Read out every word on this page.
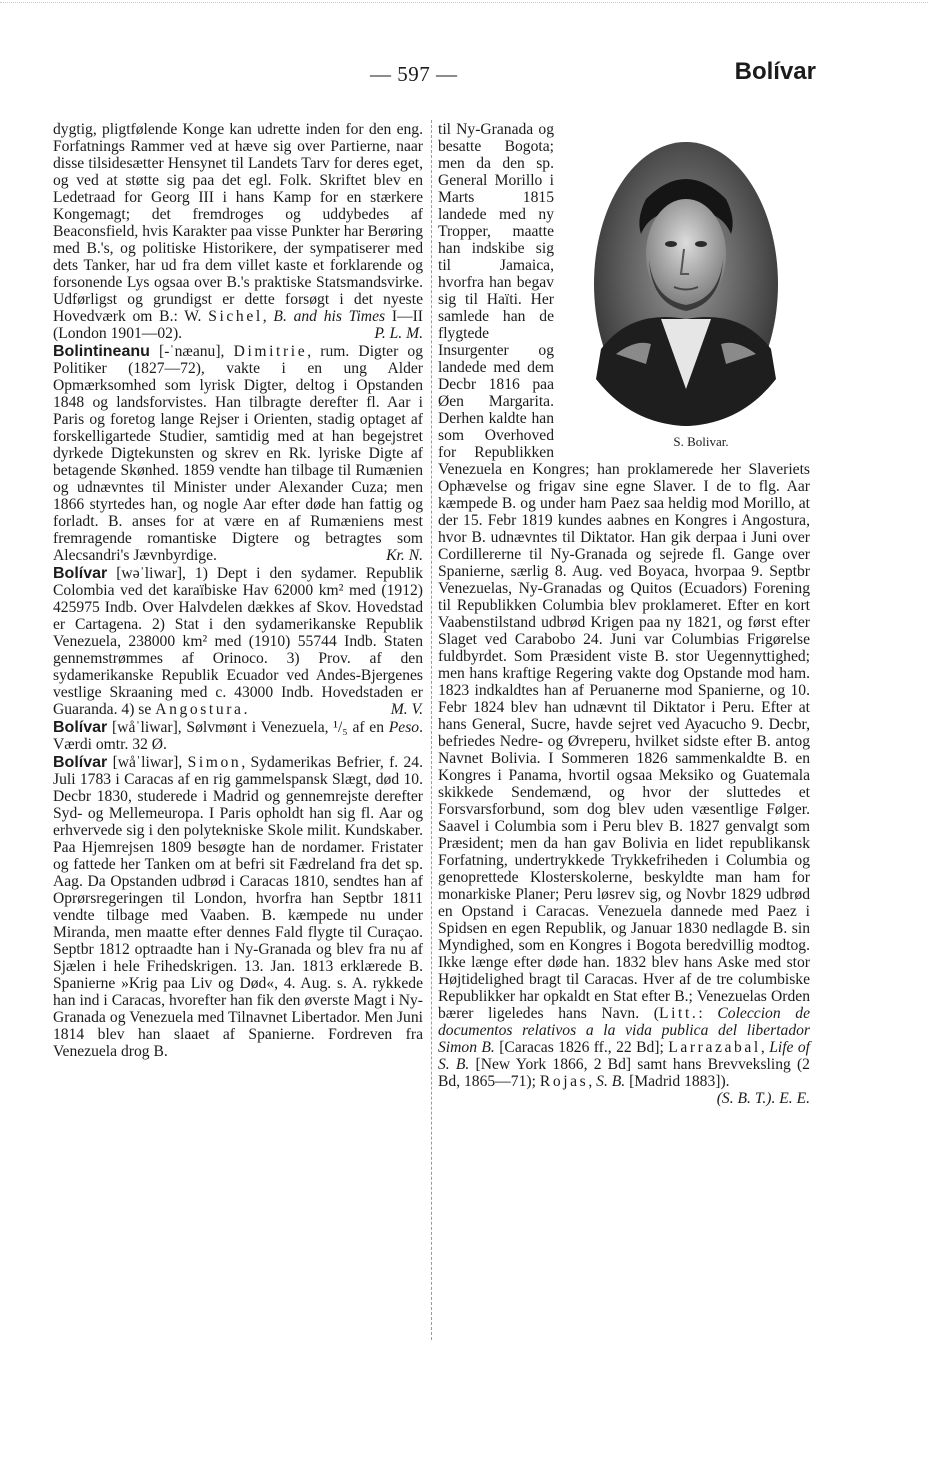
— 597 —	Bolívar

dygtig, pligtfølende Konge kan udrette inden for den eng. Forfatnings Rammer ved at hæve sig over Partierne, naar disse tilsidesætter Hensynet til Landets Tarv for deres eget, og ved at støtte sig paa det egl. Folk. Skriftet blev en Ledetraad for Georg III i hans Kamp for en stærkere Kongemagt; det fremdroges og uddybedes af Beaconsfield, hvis Karakter paa visse Punkter har Berøring med B.'s, og politiske Historikere, der sympatiserer med dets Tanker, har ud fra dem villet kaste et forklarende og forsonende Lys ogsaa over B.'s praktiske Statsmandsvirke. Udførligst og grundigst er dette forsøgt i det nyeste Hovedværk om B.: W. Sichel, B. and his Times I—II (London 1901—02).	P. L. M.

Bolintineanu [-ˈnæanu], Dimitrie, rum. Digter og Politiker (1827—72), vakte i en ung Alder Opmærksomhed som lyrisk Digter, deltog i Opstanden 1848 og landsforvistes. Han tilbragte derefter fl. Aar i Paris og foretog lange Rejser i Orienten, stadig optaget af forskelligartede Studier, samtidig med at han begejstret dyrkede Digtekunsten og skrev en Rk. lyriske Digte af betagende Skønhed. 1859 vendte han tilbage til Rumænien og udnævntes til Minister under Alexander Cuza; men 1866 styrtedes han, og nogle Aar efter døde han fattig og forladt. B. anses for at være en af Rumæniens mest fremragende romantiske Digtere og betragtes som Alecsandri's Jævnbyrdige.	Kr. N.

Bolívar [wəˈliwar], 1) Dept i den sydamer. Republik Colombia ved det karaïbiske Hav 62000 km² med (1912) 425975 Indb. Over Halvdelen dækkes af Skov. Hovedstad er Cartagena. 2) Stat i den sydamerikanske Republik Venezuela, 238000 km² med (1910) 55744 Indb. Staten gennemstrømmes af Orinoco. 3) Prov. af den sydamerikanske Republik Ecuador ved Andes-Bjergenes vestlige Skraaning med c. 43000 Indb. Hovedstaden er Guaranda. 4) se Angostura.	M. V.

Bolívar [wåˈliwar], Sølvmønt i Venezuela, ¹/₅ af en Peso. Værdi omtr. 32 Ø.

Bolívar [wåˈliwar], Simon, Sydamerikas Befrier, f. 24. Juli 1783 i Caracas af en rig gammelspansk Slægt, død 10. Decbr 1830, studerede i Madrid og gennemrejste derefter Syd- og Mellemeuropa. I Paris opholdt han sig fl. Aar og erhvervede sig i den polytekniske Skole milit. Kundskaber. Paa Hjemrejsen 1809 besøgte han de nordamer. Fristater og fattede her Tanken om at befri sit Fædreland fra det sp. Aag. Da Opstanden udbrød i Caracas 1810, sendtes han af Oprørsregeringen til London, hvorfra han Septbr 1811 vendte tilbage med Vaaben. B. kæmpede nu under Miranda, men maatte efter dennes Fald flygte til Curaçao. Septbr 1812 optraadte han i Ny-Granada og blev fra nu af Sjælen i hele Frihedskrigen. 13. Jan. 1813 erklærede B. Spanierne »Krig paa Liv og Død«, 4. Aug. s. A. rykkede han ind i Caracas, hvorefter han fik den øverste Magt i Ny-Granada og Venezuela med Tilnavnet Libertador. Men Juni 1814 blev han slaaet af Spanierne. Fordreven fra Venezuela drog B.

S. Bolivar.

til Ny-Granada og besatte Bogota; men da den sp. General Morillo i Marts 1815 landede med ny Tropper, maatte han indskibe sig til Jamaica, hvorfra han begav sig til Haïti. Her samlede han de flygtede Insurgenter og landede med dem Decbr 1816 paa Øen Margarita. Derhen kaldte han som Overhoved for Republikken Venezuela en Kongres; han proklamerede her Slaveriets Ophævelse og frigav sine egne Slaver. I de to flg. Aar kæmpede B. og under ham Paez saa heldig mod Morillo, at der 15. Febr 1819 kundes aabnes en Kongres i Angostura, hvor B. udnævntes til Diktator. Han gik derpaa i Juni over Cordillererne til Ny-Granada og sejrede fl. Gange over Spanierne, særlig 8. Aug. ved Boyaca, hvorpaa 9. Septbr Venezuelas, Ny-Granadas og Quitos (Ecuadors) Forening til Republikken Columbia blev proklameret. Efter en kort Vaabenstilstand udbrød Krigen paa ny 1821, og først efter Slaget ved Carabobo 24. Juni var Columbias Frigørelse fuldbyrdet. Som Præsident viste B. stor Uegennyttighed; men hans kraftige Regering vakte dog Opstande mod ham. 1823 indkaldtes han af Peruanerne mod Spanierne, og 10. Febr 1824 blev han udnævnt til Diktator i Peru. Efter at hans General, Sucre, havde sejret ved Ayacucho 9. Decbr, befriedes Nedre- og Øvreperu, hvilket sidste efter B. antog Navnet Bolivia. I Sommeren 1826 sammenkaldte B. en Kongres i Panama, hvortil ogsaa Meksiko og Guatemala skikkede Sendemænd, og hvor der sluttedes et Forsvarsforbund, som dog blev uden væsentlige Følger. Saavel i Columbia som i Peru blev B. 1827 genvalgt som Præsident; men da han gav Bolivia en lidet republikansk Forfatning, undertrykkede Trykkefriheden i Columbia og genoprettede Klosterskolerne, beskyldte man ham for monarkiske Planer; Peru løsrev sig, og Novbr 1829 udbrød en Opstand i Caracas. Venezuela dannede med Paez i Spidsen en egen Republik, og Januar 1830 nedlagde B. sin Myndighed, som en Kongres i Bogota beredvillig modtog. Ikke længe efter døde han. 1832 blev hans Aske med stor Højtidelighed bragt til Caracas. Hver af de tre columbiske Republikker har opkaldt en Stat efter B.; Venezuelas Orden bærer ligeledes hans Navn. (Litt.: Coleccion de documentos relativos a la vida publica del libertador Simon B. [Caracas 1826 ff., 22 Bd]; Larrazabal, Life of S. B. [New York 1866, 2 Bd] samt hans Brevveksling (2 Bd, 1865—71); Rojas, S. B. [Madrid 1883]).
(S. B. T.). E. E.
